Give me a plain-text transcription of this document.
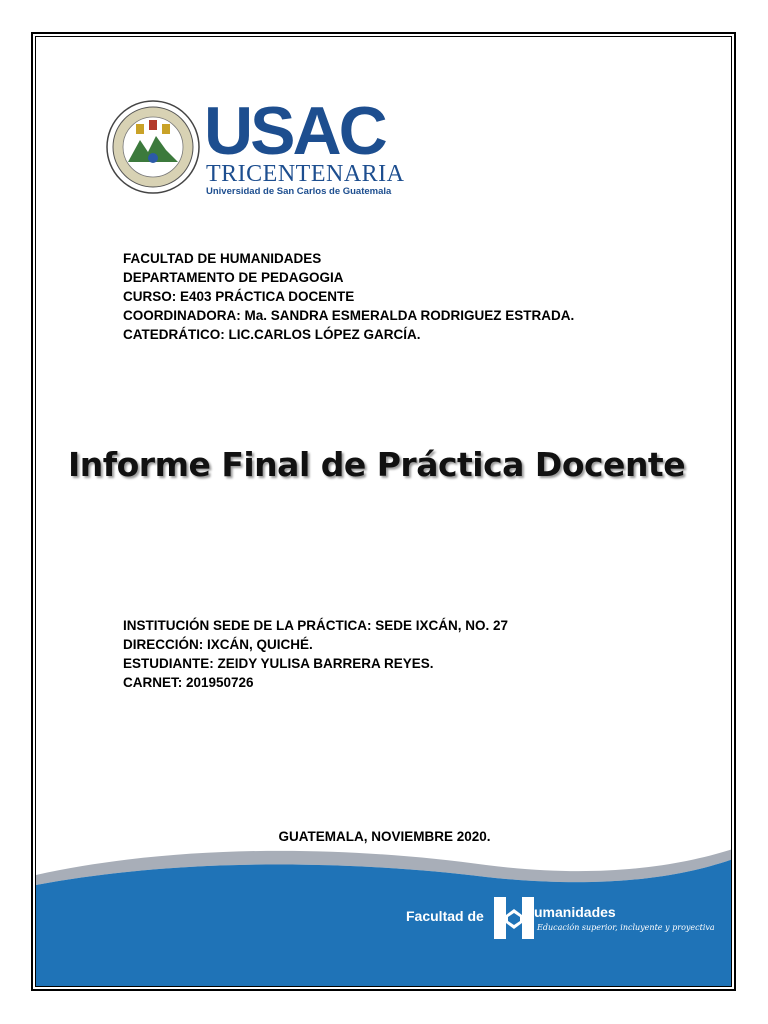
USAC
TRICENTENARIA
Universidad de San Carlos de Guatemala
FACULTAD DE HUMANIDADES
DEPARTAMENTO DE PEDAGOGIA
CURSO: E403 PRÁCTICA DOCENTE
COORDINADORA: Ma. SANDRA ESMERALDA RODRIGUEZ ESTRADA.
CATEDRÁTICO: LIC.CARLOS LÓPEZ GARCÍA.
Informe Final de Práctica Docente
INSTITUCIÓN SEDE DE LA PRÁCTICA: SEDE IXCÁN, NO. 27
DIRECCIÓN: IXCÁN, QUICHÉ.
ESTUDIANTE: ZEIDY YULISA BARRERA REYES.
CARNET: 201950726
GUATEMALA, NOVIEMBRE 2020.
Facultad de	umanidades
Educación superior, incluyente y proyectiva
